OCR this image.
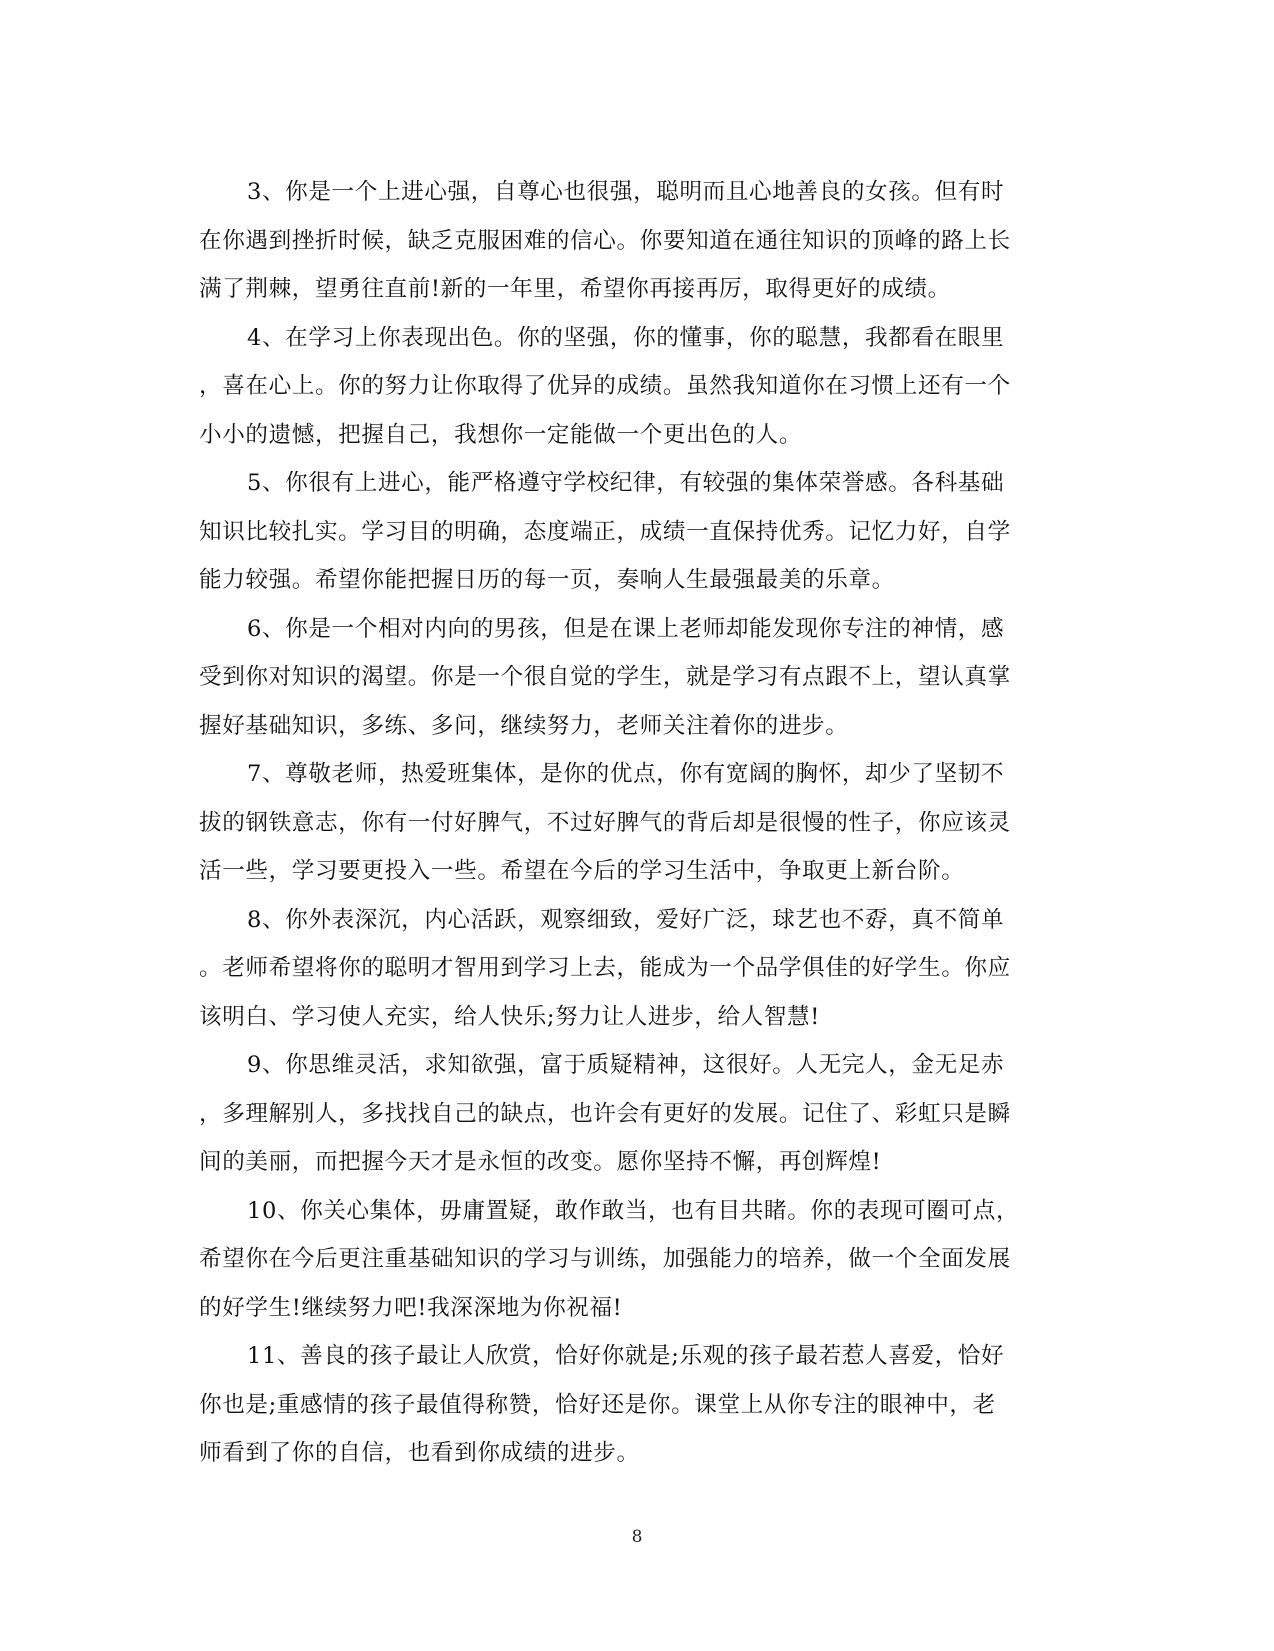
3、你是一个上进心强，自尊心也很强，聪明而且心地善良的女孩。但有时
在你遇到挫折时候，缺乏克服困难的信心。你要知道在通往知识的顶峰的路上长
满了荆棘，望勇往直前!新的一年里，希望你再接再厉，取得更好的成绩。

4、在学习上你表现出色。你的坚强，你的懂事，你的聪慧，我都看在眼里
，喜在心上。你的努力让你取得了优异的成绩。虽然我知道你在习惯上还有一个
小小的遗憾，把握自己，我想你一定能做一个更出色的人。

5、你很有上进心，能严格遵守学校纪律，有较强的集体荣誉感。各科基础
知识比较扎实。学习目的明确，态度端正，成绩一直保持优秀。记忆力好，自学
能力较强。希望你能把握日历的每一页，奏响人生最强最美的乐章。

6、你是一个相对内向的男孩，但是在课上老师却能发现你专注的神情，感
受到你对知识的渴望。你是一个很自觉的学生，就是学习有点跟不上，望认真掌
握好基础知识，多练、多问，继续努力，老师关注着你的进步。

7、尊敬老师，热爱班集体，是你的优点，你有宽阔的胸怀，却少了坚韧不
拔的钢铁意志，你有一付好脾气，不过好脾气的背后却是很慢的性子，你应该灵
活一些，学习要更投入一些。希望在今后的学习生活中，争取更上新台阶。

8、你外表深沉，内心活跃，观察细致，爱好广泛，球艺也不孬，真不简单
。老师希望将你的聪明才智用到学习上去，能成为一个品学俱佳的好学生。你应
该明白、学习使人充实，给人快乐;努力让人进步，给人智慧!

9、你思维灵活，求知欲强，富于质疑精神，这很好。人无完人，金无足赤
，多理解别人，多找找自己的缺点，也许会有更好的发展。记住了、彩虹只是瞬
间的美丽，而把握今天才是永恒的改变。愿你坚持不懈，再创辉煌!

10、你关心集体，毋庸置疑，敢作敢当，也有目共睹。你的表现可圈可点，
希望你在今后更注重基础知识的学习与训练，加强能力的培养，做一个全面发展
的好学生!继续努力吧!我深深地为你祝福!

11、善良的孩子最让人欣赏，恰好你就是;乐观的孩子最若惹人喜爱，恰好
你也是;重感情的孩子最值得称赞，恰好还是你。课堂上从你专注的眼神中，老
师看到了你的自信，也看到你成绩的进步。

8
